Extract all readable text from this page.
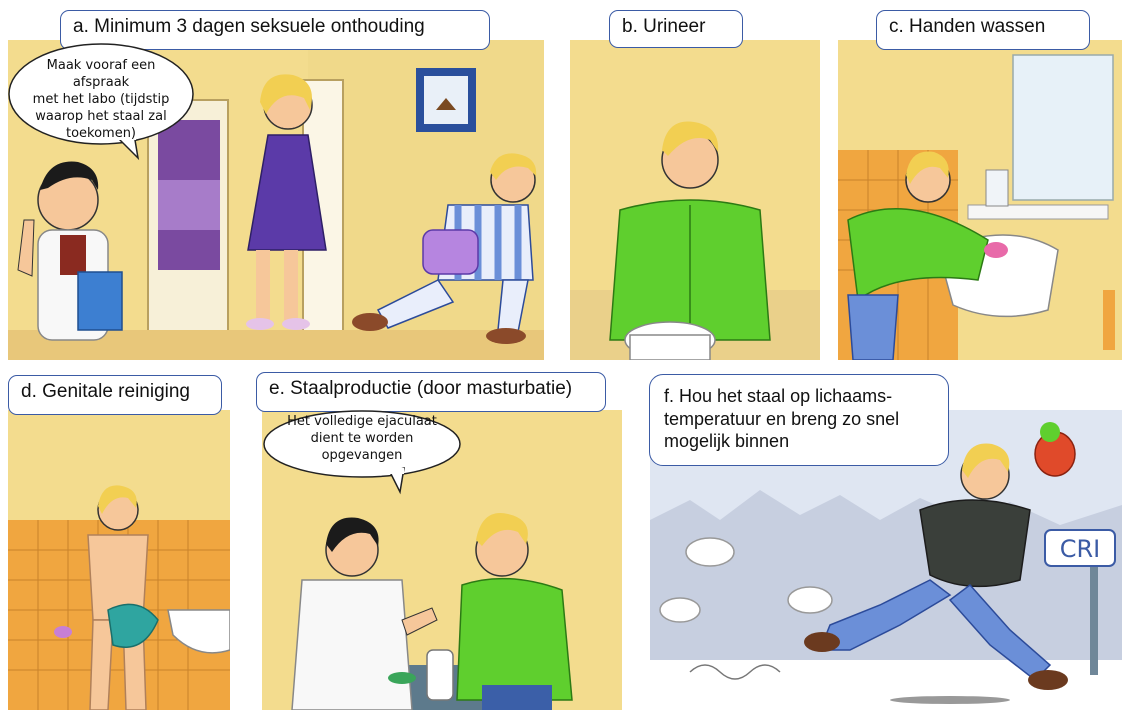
Maak vooraf een afspraak
met het labo (tijdstip
waarop het staal zal
toekomen)
a. Minimum 3 dagen seksuele onthouding	b. Urineer	c. Handen wassen
d. Genitale reiniging
Het volledige ejaculaat
dient te worden
opgevangen
e. Staalproductie (door masturbatie)
CRI
f. Hou het staal op lichaams-temperatuur en breng zo snel mogelijk binnen
